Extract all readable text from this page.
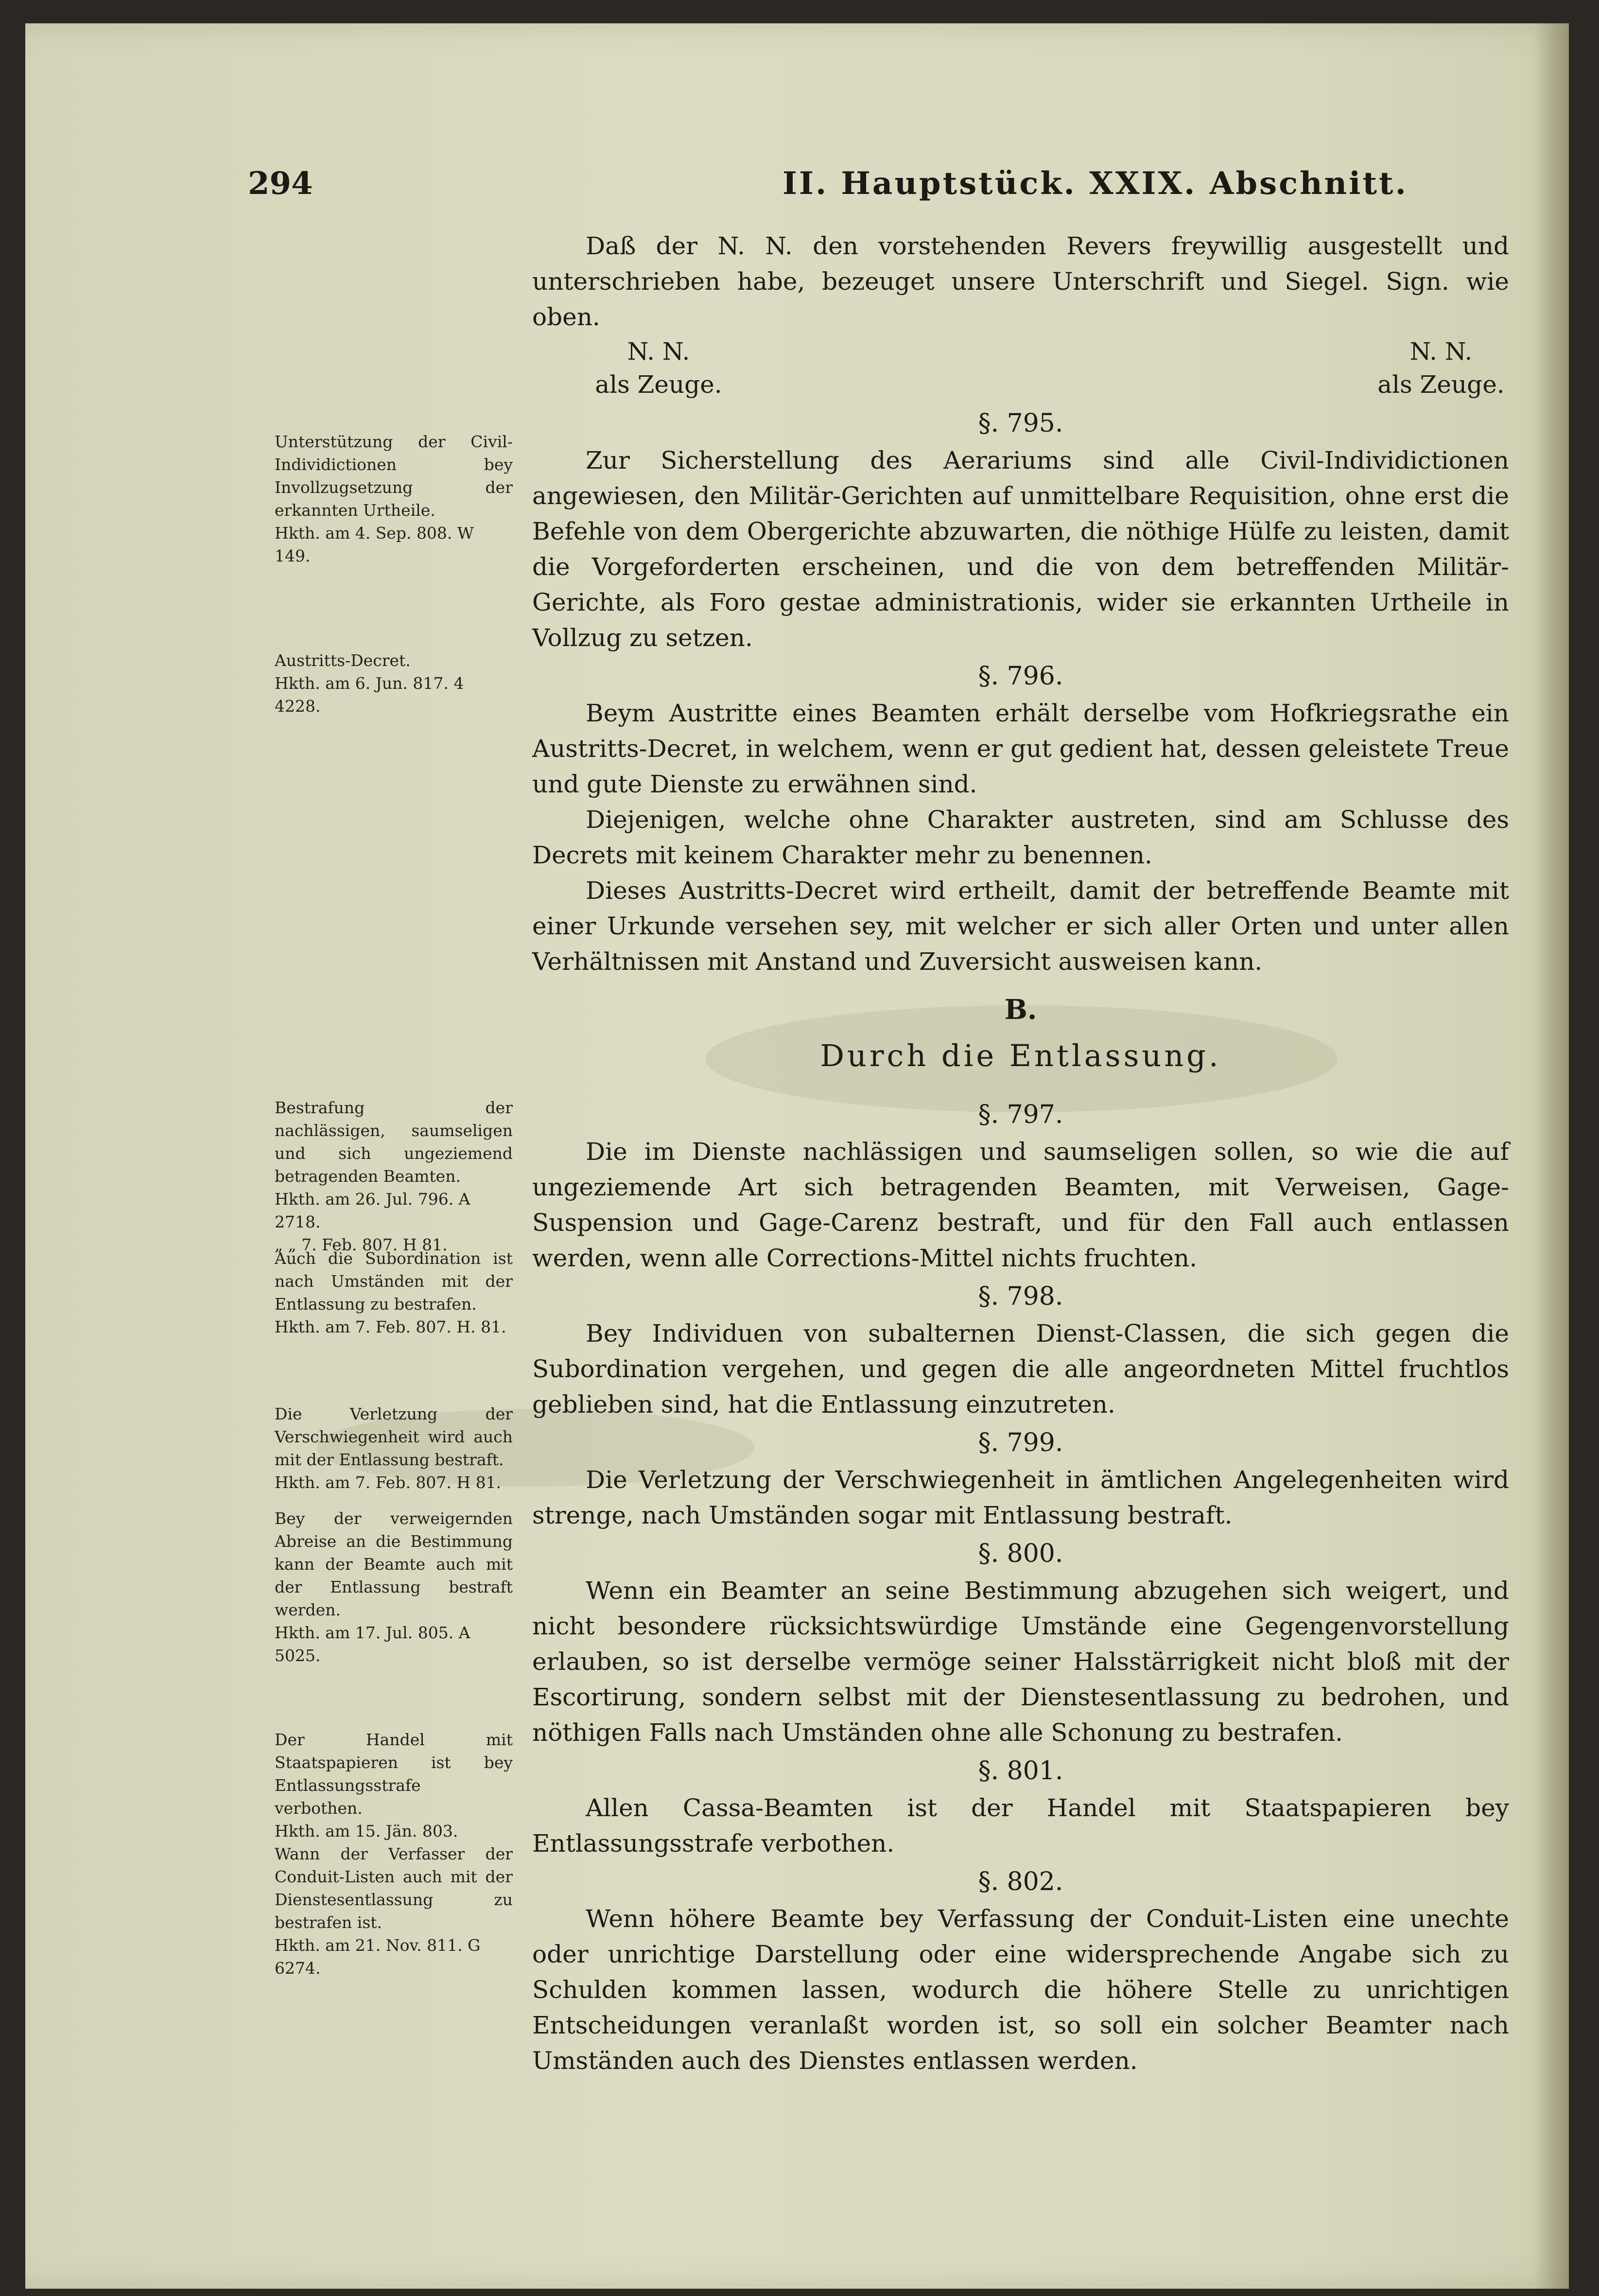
294	II. Hauptstück. XXIX. Abschnitt.
Unterstützung der Civil-Individictionen bey Invollzugsetzung der erkannten Urtheile.
Hkth. am 4. Sep. 808. W 149.
Austritts-Decret.
Hkth. am 6. Jun. 817. 4 4228.
Bestrafung der nachlässigen, saumseligen und sich ungeziemend betragenden Beamten.
Hkth. am 26. Jul. 796. A 2718.
„ „ 7. Feb. 807. H 81.
Auch die Subordination ist nach Umständen mit der Entlassung zu bestrafen.
Hkth. am 7. Feb. 807. H. 81.
Die Verletzung der Verschwiegenheit wird auch mit der Entlassung bestraft.
Hkth. am 7. Feb. 807. H 81.
Bey der verweigernden Abreise an die Bestimmung kann der Beamte auch mit der Entlassung bestraft werden.
Hkth. am 17. Jul. 805. A 5025.
Der Handel mit Staatspapieren ist bey Entlassungsstrafe verbothen.
Hkth. am 15. Jän. 803.
Wann der Verfasser der Conduit-Listen auch mit der Dienstesentlassung zu bestrafen ist.
Hkth. am 21. Nov. 811. G 6274.

Daß der N. N. den vorstehenden Revers freywillig ausgestellt und unterschrieben habe, bezeuget unsere Unterschrift und Siegel. Sign. wie oben.

N. N.
als Zeuge.
N. N.
als Zeuge.
§. 795.

Zur Sicherstellung des Aerariums sind alle Civil-Individictionen angewiesen, den Militär-Gerichten auf unmittelbare Requisition, ohne erst die Befehle von dem Obergerichte abzuwarten, die nöthige Hülfe zu leisten, damit die Vorgeforderten erscheinen, und die von dem betreffenden Militär-Gerichte, als Foro gestae administrationis, wider sie erkannten Urtheile in Vollzug zu setzen.

§. 796.

Beym Austritte eines Beamten erhält derselbe vom Hofkriegsrathe ein Austritts-Decret, in welchem, wenn er gut gedient hat, dessen geleistete Treue und gute Dienste zu erwähnen sind.

Diejenigen, welche ohne Charakter austreten, sind am Schlusse des Decrets mit keinem Charakter mehr zu benennen.

Dieses Austritts-Decret wird ertheilt, damit der betreffende Beamte mit einer Urkunde versehen sey, mit welcher er sich aller Orten und unter allen Verhältnissen mit Anstand und Zuversicht ausweisen kann.

B.
Durch die Entlassung.
§. 797.

Die im Dienste nachlässigen und saumseligen sollen, so wie die auf ungeziemende Art sich betragenden Beamten, mit Verweisen, Gage-Suspension und Gage-Carenz bestraft, und für den Fall auch entlassen werden, wenn alle Corrections-Mittel nichts fruchten.

§. 798.

Bey Individuen von subalternen Dienst-Classen, die sich gegen die Subordination vergehen, und gegen die alle angeordneten Mittel fruchtlos geblieben sind, hat die Entlassung einzutreten.

§. 799.

Die Verletzung der Verschwiegenheit in ämtlichen Angelegenheiten wird strenge, nach Umständen sogar mit Entlassung bestraft.

§. 800.

Wenn ein Beamter an seine Bestimmung abzugehen sich weigert, und nicht besondere rücksichtswürdige Umstände eine Gegengenvorstellung erlauben, so ist derselbe vermöge seiner Halsstärrigkeit nicht bloß mit der Escortirung, sondern selbst mit der Dienstesentlassung zu bedrohen, und nöthigen Falls nach Umständen ohne alle Schonung zu bestrafen.

§. 801.

Allen Cassa-Beamten ist der Handel mit Staatspapieren bey Entlassungsstrafe verbothen.

§. 802.

Wenn höhere Beamte bey Verfassung der Conduit-Listen eine unechte oder unrichtige Darstellung oder eine widersprechende Angabe sich zu Schulden kommen lassen, wodurch die höhere Stelle zu unrichtigen Entscheidungen veranlaßt worden ist, so soll ein solcher Beamter nach Umständen auch des Dienstes entlassen werden.
